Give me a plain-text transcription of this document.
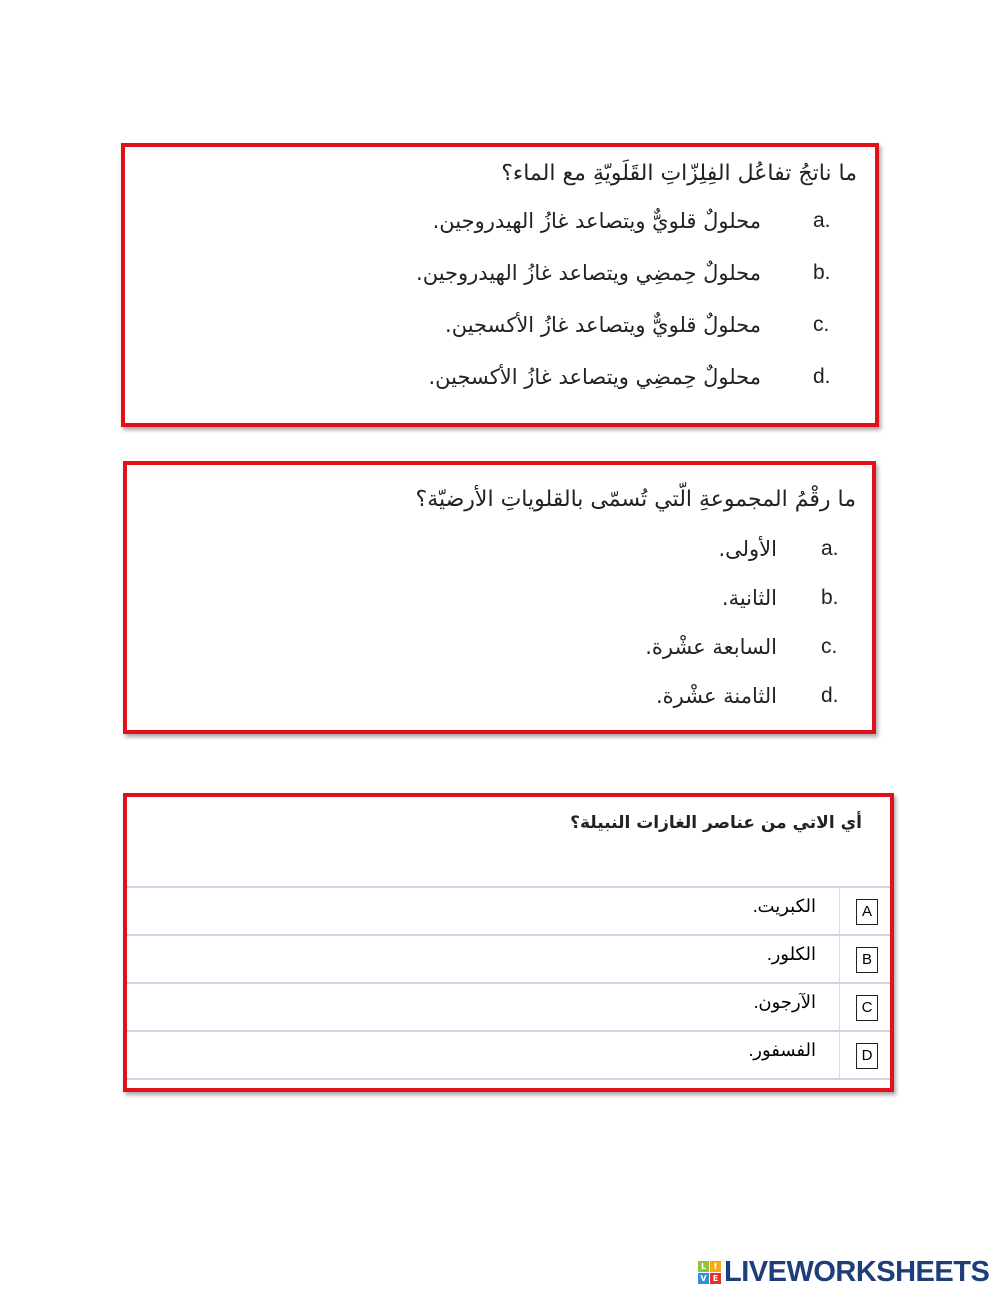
ما ناتجُ تفاعُل الفِلِزّاتِ القَلَويّةِ مع الماء؟
a.
محلولٌ قلويٌّ ويتصاعد غازُ الهيدروجين.
b.
محلولٌ حِمضِي ويتصاعد غازُ الهيدروجين.
c.
محلولٌ قلويٌّ ويتصاعد غازُ الأكسجين.
d.
محلولٌ حِمضِي ويتصاعد غازُ الأكسجين.
ما رقْمُ المجموعةِ الّتي تُسمّى بالقلوياتِ الأرضيّة؟
a.
الأولى.
b.
الثانية.
c.
السابعة عشْرة.
d.
الثامنة عشْرة.
أي الاتي من عناصر الغازات النبيلة؟
A
الكبريت.
B
الكلور.
C
الآرجون.
D
الفسفور.
L I
V E LIVEWORKSHEETS
